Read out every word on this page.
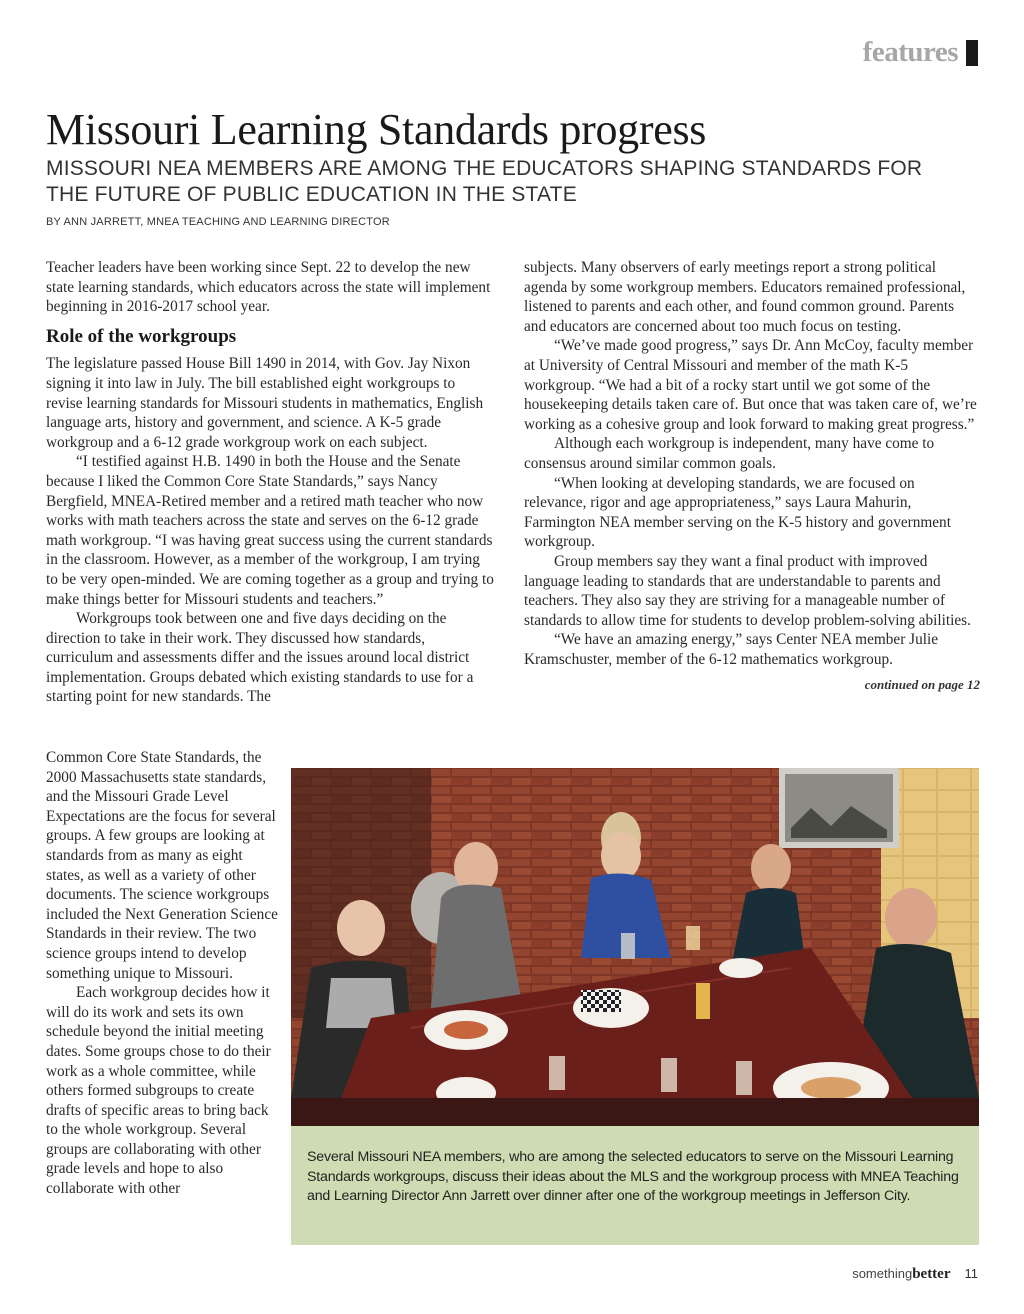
features
Missouri Learning Standards progress
MISSOURI NEA MEMBERS ARE AMONG THE EDUCATORS SHAPING STANDARDS FOR THE FUTURE OF PUBLIC EDUCATION IN THE STATE
BY ANN JARRETT, MNEA TEACHING AND LEARNING DIRECTOR

Teacher leaders have been working since Sept. 22 to develop the new state learning standards, which educators across the state will implement beginning in 2016-2017 school year.

Role of the workgroups

The legislature passed House Bill 1490 in 2014, with Gov. Jay Nixon signing it into law in July. The bill established eight workgroups to revise learning standards for Missouri students in mathematics, English language arts, history and government, and science. A K-5 grade workgroup and a 6-12 grade workgroup work on each subject.

“I testified against H.B. 1490 in both the House and the Senate because I liked the Common Core State Standards,” says Nancy Bergfield, MNEA-Retired member and a retired math teacher who now works with math teachers across the state and serves on the 6-12 grade math workgroup. “I was having great success using the current standards in the classroom. However, as a member of the workgroup, I am trying to be very open-minded. We are coming together as a group and trying to make things better for Missouri students and teachers.”

Workgroups took between one and five days deciding on the direction to take in their work. They discussed how standards, curriculum and assessments differ and the issues around local district implementation. Groups debated which existing standards to use for a starting point for new standards. The

Common Core State Standards, the 2000 Massachusetts state standards, and the Missouri Grade Level Expectations are the focus for several groups. A few groups are looking at standards from as many as eight states, as well as a variety of other documents. The science workgroups included the Next Generation Science Standards in their review. The two science groups intend to develop something unique to Missouri.

Each workgroup decides how it will do its work and sets its own schedule beyond the initial meeting dates. Some groups chose to do their work as a whole committee, while others formed subgroups to create drafts of specific areas to bring back to the whole workgroup. Several groups are collaborating with other grade levels and hope to also collaborate with other

subjects. Many observers of early meetings report a strong political agenda by some workgroup members. Educators remained professional, listened to parents and each other, and found common ground. Parents and educators are concerned about too much focus on testing.

“We’ve made good progress,” says Dr. Ann McCoy, faculty member at University of Central Missouri and member of the math K-5 workgroup. “We had a bit of a rocky start until we got some of the housekeeping details taken care of. But once that was taken care of, we’re working as a cohesive group and look forward to making great progress.”

Although each workgroup is independent, many have come to consensus around similar common goals.

“When looking at developing standards, we are focused on relevance, rigor and age appropriateness,” says Laura Mahurin, Farmington NEA member serving on the K-5 history and government workgroup.

Group members say they want a final product with improved language leading to standards that are understandable to parents and teachers. They also say they are striving for a manageable number of standards to allow time for students to develop problem-solving abilities.

“We have an amazing energy,” says Center NEA member Julie Kramschuster, member of the 6-12 mathematics workgroup.

continued on page 12
Several Missouri NEA members, who are among the selected educators to serve on the Missouri Learning Standards workgroups, discuss their ideas about the MLS and the workgroup process with MNEA Teaching and Learning Director Ann Jarrett over dinner after one of the workgroup meetings in Jefferson City.
something better 11
